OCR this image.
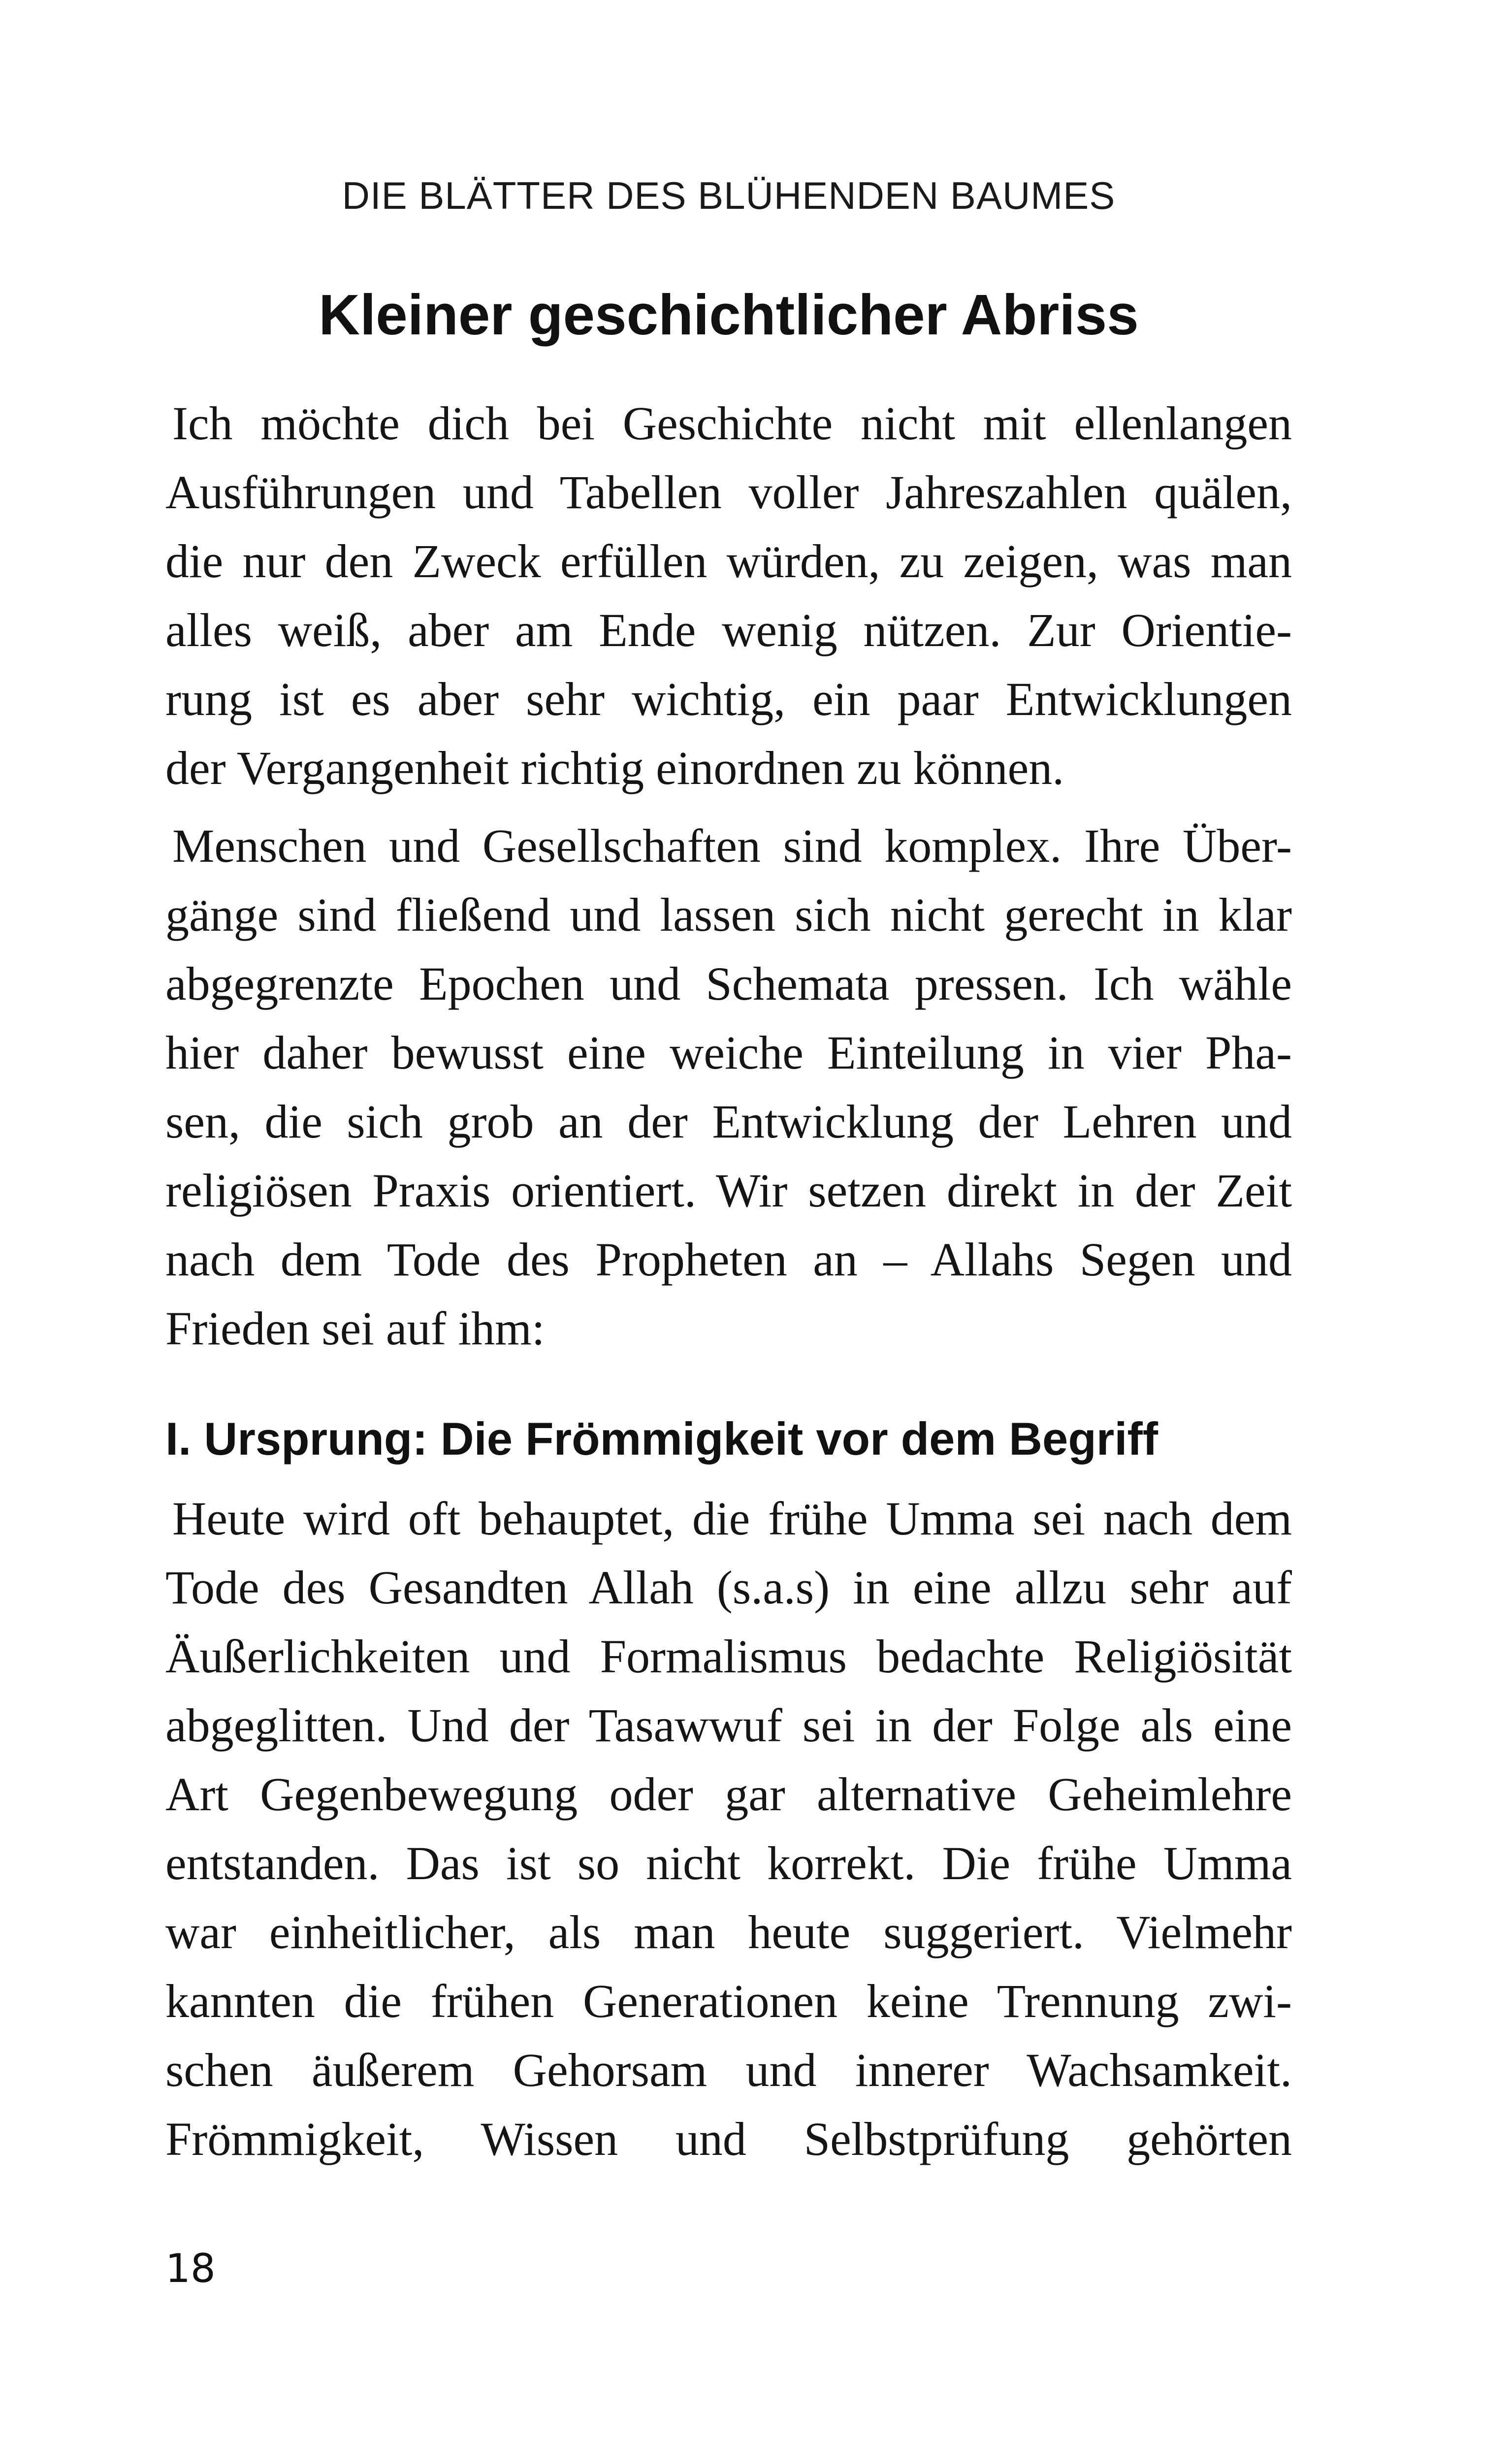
DIE BLÄTTER DES BLÜHENDEN BAUMES
Kleiner geschichtlicher Abriss
Ich möchte dich bei Geschichte nicht mit ellenlangen
Ausführungen und Tabellen voller Jahreszahlen quälen,
die nur den Zweck erfüllen würden, zu zeigen, was man
alles weiß, aber am Ende wenig nützen. Zur Orientie-
rung ist es aber sehr wichtig, ein paar Entwicklungen
der Vergangenheit richtig einordnen zu können.
Menschen und Gesellschaften sind komplex. Ihre Über-
gänge sind fließend und lassen sich nicht gerecht in klar
abgegrenzte Epochen und Schemata pressen. Ich wähle
hier daher bewusst eine weiche Einteilung in vier Pha-
sen, die sich grob an der Entwicklung der Lehren und
religiösen Praxis orientiert. Wir setzen direkt in der Zeit
nach dem Tode des Propheten an – Allahs Segen und
Frieden sei auf ihm:
I. Ursprung: Die Frömmigkeit vor dem Begriff
Heute wird oft behauptet, die frühe Umma sei nach dem
Tode des Gesandten Allah (s.a.s) in eine allzu sehr auf
Äußerlichkeiten und Formalismus bedachte Religiösität
abgeglitten. Und der Tasawwuf sei in der Folge als eine
Art Gegenbewegung oder gar alternative Geheimlehre
entstanden. Das ist so nicht korrekt. Die frühe Umma
war einheitlicher, als man heute suggeriert. Vielmehr
kannten die frühen Generationen keine Trennung zwi-
schen äußerem Gehorsam und innerer Wachsamkeit.
Frömmigkeit, Wissen und Selbstprüfung gehörten
18
